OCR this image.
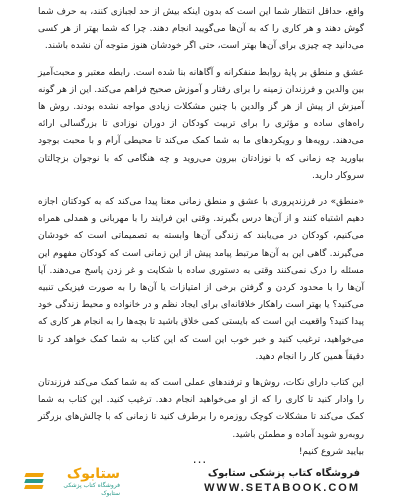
واقع، حداقل انتظار شما این است که بدون اینکه بیش از حد لجبازی کنند، به حرف شما گوش دهند و هر کاری را که به آن‌ها می‌گویید انجام دهند. چرا که شما بهتر از هر کسی می‌دانید چه چیزی برای آن‌ها بهتر است، حتی اگر خودشان هنوز متوجه آن نشده باشند.

عشق و منطق بر پایهٔ روابط منفکرانه و آگاهانه بنا شده است. رابطه معتبر و محبت‌آمیز بین والدین و فرزندان زمینه را برای رفتار و آموزش صحیح فراهم می‌کند. این از هر گونه آمیزش از پیش از هر گز والدین با چنین مشکلات زیادی مواجه نشده بودند. روش ها راه‌های ساده و مؤثری را برای تربیت کودکان از دوران نوزادی تا بزرگسالی ارائه می‌دهند. رویه‌ها و رویکردهای ما به شما کمک می‌کند تا محیطی آرام و با محبت بوجود بیاورید چه زمانی که با نوزادتان بیرون می‌روید و چه هنگامی که با نوجوان بزچالتان سروکار دارید.

«منطق» در فرزندپروری با عشق و منطق زمانی معنا پیدا می‌کند که به کودکتان اجازه دهیم اشتباه کنند و از آن‌ها درس بگیرند. وقتی این فرایند را با مهربانی و همدلی همراه می‌کنیم، کودکان در می‌یابند که زندگی آن‌ها وابسته به تصمیماتی است که خودشان می‌گیرند. گاهی این به آن‌ها مرتبط پیامد پیش از این زمانی است که کودکان مفهوم این مسئله را درک نمی‌کنند وقتی به دستوری ساده با شکایت و غر زدن پاسخ می‌دهند. آیا آن‌ها را با محدود کردن و گرفتن برخی از امتیازات یا آن‌ها را به صورت فیزیکی تنبیه می‌کنید؟ یا بهتر است راهکار خلاقانه‌ای برای ایجاد نظم و در خانواده و محیط زندگی خود پیدا کنید؟ واقعیت این است که بایستی کمی خلاق باشید تا بچه‌ها را به انجام هر کاری که می‌خواهید، ترغیب کنید و خبر خوب این است که این کتاب به شما کمک خواهد کرد تا دقیقاً همین کار را انجام دهید.

این کتاب دارای نکات، روش‌ها و ترفندهای عملی است که به شما کمک می‌کند فرزندتان را وادار کنید تا کاری را که از او می‌خواهید انجام دهد. ترغیب کنید. این کتاب به شما کمک می‌کند تا مشکلات کوچک روزمره را برطرف کنید تا زمانی که با چالش‌های بزرگتر روبه‌رو شوید آماده و مطمئن باشید.

بیایید شروع کنیم!

...
ستابوک
فروشگاه کتاب پزشکی ستابوک
فروشگاه کتاب پزشکی ستابوک
WWW.SETABOOK.COM
